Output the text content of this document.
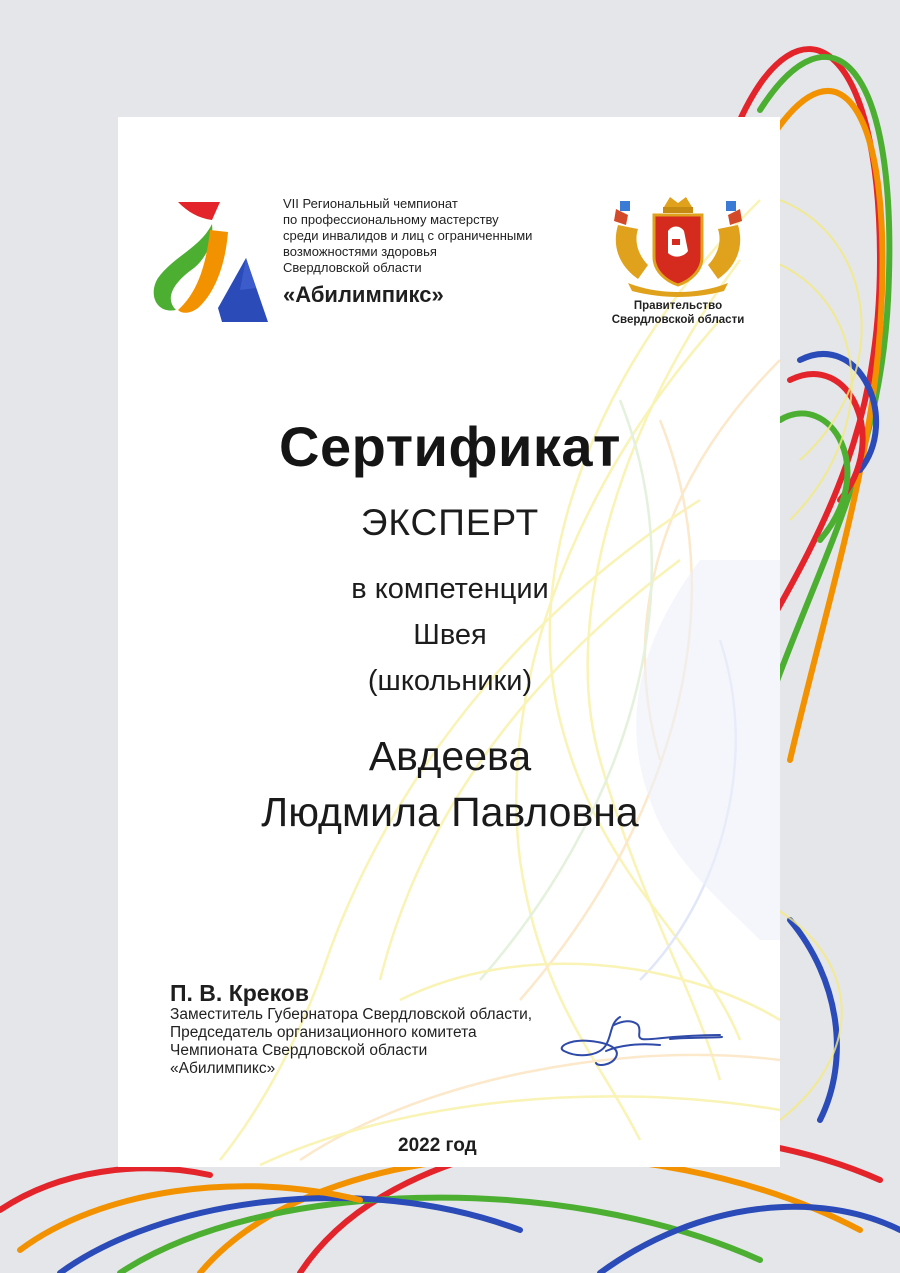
VII Региональный чемпионат
по профессиональному мастерству
среди инвалидов и лиц с ограниченными
возможностями здоровья
Свердловской области
«Абилимпикс»	Правительство
Свердловской области
Сертификат
ЭКСПЕРТ
в компетенции
Швея
(школьники)
Авдеева
Людмила Павловна
П. В. Креков
Заместитель Губернатора Свердловской области,
Председатель организационного комитета
Чемпионата Свердловской области
«Абилимпикс»
2022 год
